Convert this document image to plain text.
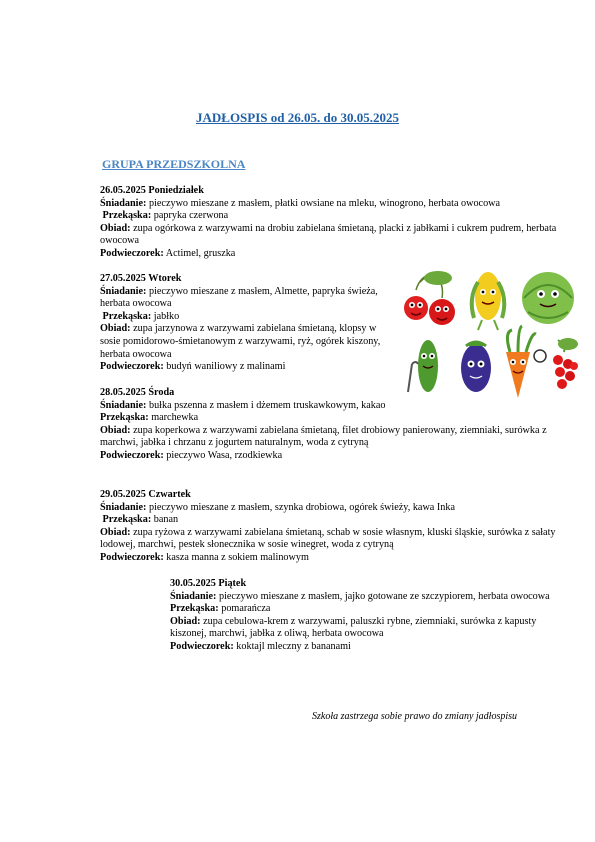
JADŁOSPIS od 26.05. do 30.05.2025
GRUPA PRZEDSZKOLNA

26.05.2025 Poniedziałek

Śniadanie: pieczywo mieszane z masłem, płatki owsiane na mleku, winogrono, herbata owocowa

Przekąska: papryka czerwona

Obiad: zupa ogórkowa z warzywami na drobiu zabielana śmietaną, placki z jabłkami i cukrem pudrem, herbata owocowa

Podwieczorek: Actimel, gruszka

27.05.2025 Wtorek

Śniadanie: pieczywo mieszane z masłem, Almette, papryka świeża, herbata owocowa

Przekąska: jabłko

Obiad: zupa jarzynowa z warzywami zabielana śmietaną, klopsy w sosie pomidorowo-śmietanowym z warzywami, ryż, ogórek kiszony, herbata owocowa

Podwieczorek: budyń waniliowy z malinami

28.05.2025 Środa

Śniadanie: bułka pszenna z masłem i dżemem truskawkowym, kakao

Przekąska: marchewka

Obiad: zupa koperkowa z warzywami zabielana śmietaną, filet drobiowy panierowany, ziemniaki, surówka z marchwi, jabłka i chrzanu z jogurtem naturalnym, woda z cytryną

Podwieczorek: pieczywo Wasa, rzodkiewka

29.05.2025 Czwartek

Śniadanie: pieczywo mieszane z masłem, szynka drobiowa, ogórek świeży, kawa Inka

Przekąska: banan

Obiad: zupa ryżowa z warzywami zabielana śmietaną, schab w sosie własnym, kluski śląskie, surówka z sałaty lodowej, marchwi, pestek słonecznika w sosie winegret, woda z cytryną

Podwieczorek: kasza manna z sokiem malinowym

30.05.2025 Piątek

Śniadanie: pieczywo mieszane z masłem, jajko gotowane ze szczypiorem, herbata owocowa

Przekąska: pomarańcza

Obiad: zupa cebulowa-krem z warzywami, paluszki rybne, ziemniaki, surówka z kapusty kiszonej, marchwi, jabłka z oliwą, herbata owocowa

Podwieczorek: koktajl mleczny z bananami

Szkoła zastrzega sobie prawo do zmiany jadłospisu
